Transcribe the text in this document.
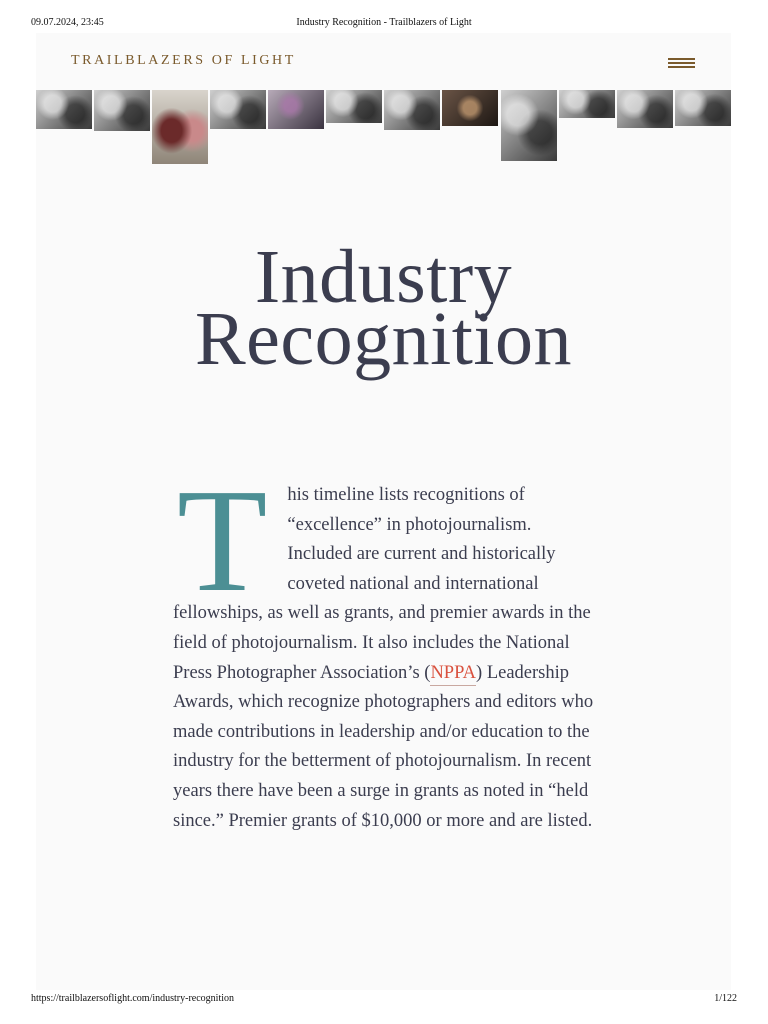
09.07.2024, 23:45	Industry Recognition - Trailblazers of Light
TRAILBLAZERS OF LIGHT
Industry
Recognition

T his timeline lists recognitions of “excellence” in photojournalism. Included are current and historically coveted national and international fellowships, as well as grants, and premier awards in the field of photojournalism. It also includes the National Press Photographer Association’s (NPPA) Leadership Awards, which recognize photographers and editors who made contributions in leadership and/or education to the industry for the betterment of photojournalism. In recent years there have been a surge in grants as noted in “held since.” Premier grants of $10,000 or more and are listed.

https://trailblazersoflight.com/industry-recognition	1/122
